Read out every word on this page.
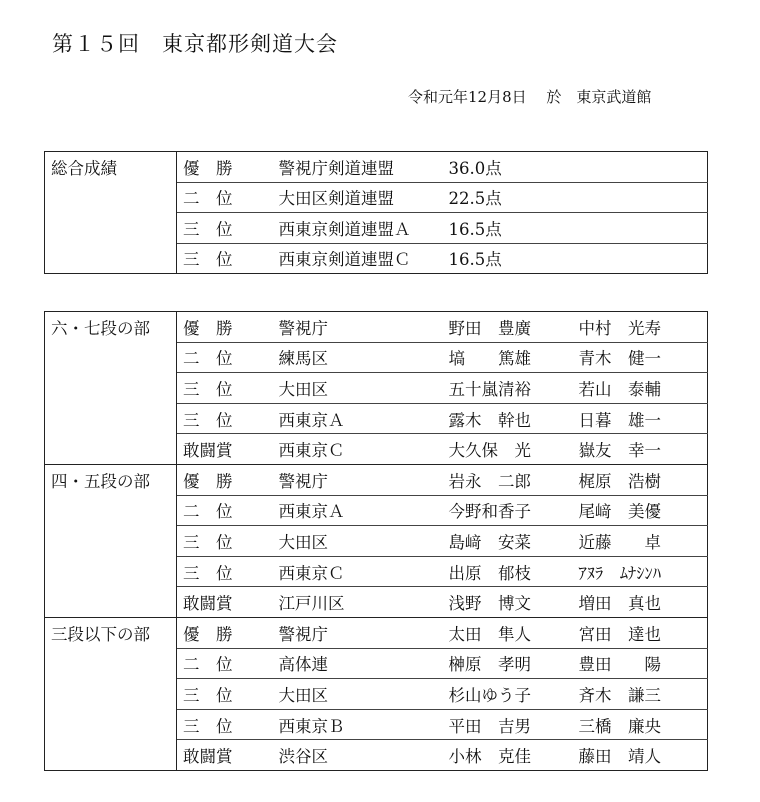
第１５回　東京都形剣道大会
令和元年12月8日　 於　東京武道館
総合成績	優　勝	警視庁剣道連盟	36.0点
	二　位	大田区剣道連盟	22.5点
	三　位	西東京剣道連盟Ａ	16.5点
	三　位	西東京剣道連盟Ｃ	16.5点
六・七段の部	優　勝	警視庁	野田　豊廣	中村　光寿
	二　位	練馬区	塙　　篤雄	青木　健一
	三　位	大田区	五十嵐清裕	若山　泰輔
	三　位	西東京Ａ	露木　幹也	日暮　雄一
	敢闘賞	西東京Ｃ	大久保　光	嶽友　幸一
四・五段の部	優　勝	警視庁	岩永　二郎	梶原　浩樹
	二　位	西東京Ａ	今野和香子	尾﨑　美優
	三　位	大田区	島﨑　安菜	近藤　　卓
	三　位	西東京Ｃ	出原　郁枝	ｱﾇﾗ　ﾑﾅｼﾝﾊ
	敢闘賞	江戸川区	浅野　博文	増田　真也
三段以下の部	優　勝	警視庁	太田　隼人	宮田　達也
	二　位	高体連	榊原　孝明	豊田　　陽
	三　位	大田区	杉山ゆう子	斉木　謙三
	三　位	西東京Ｂ	平田　吉男	三橋　廉央
	敢闘賞	渋谷区	小林　克佳	藤田　靖人
